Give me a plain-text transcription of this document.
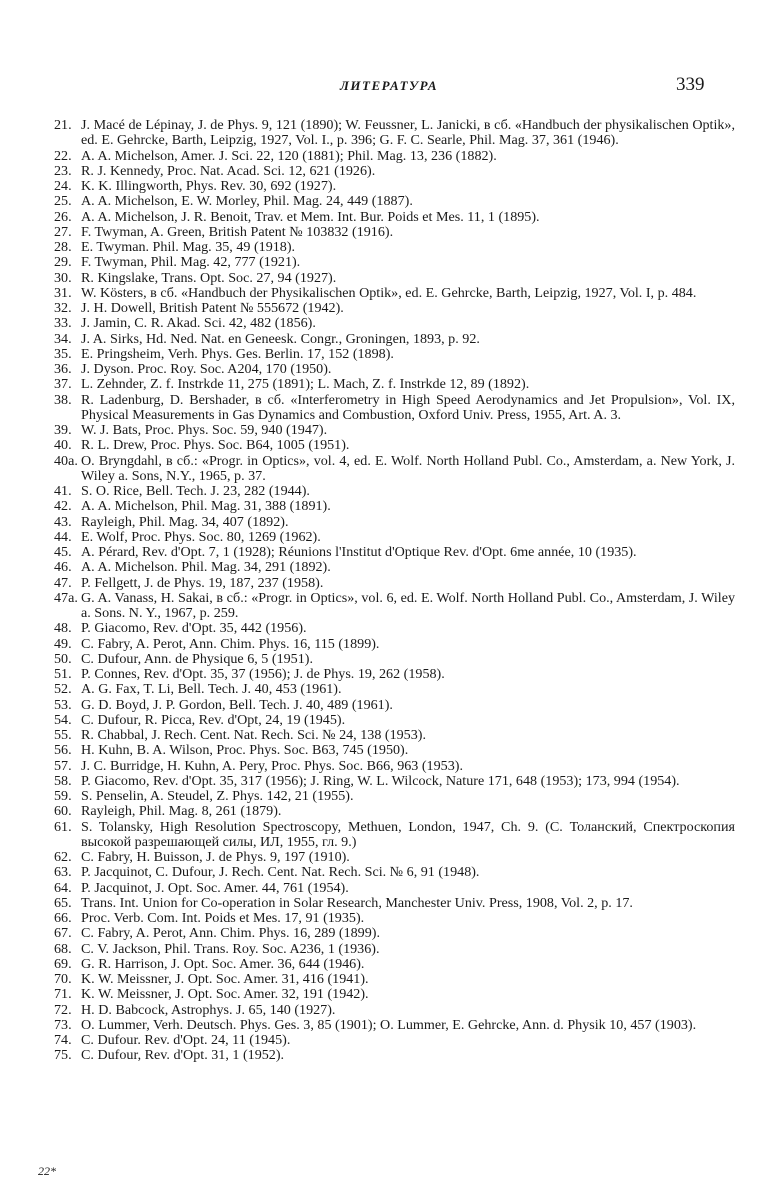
ЛИТЕРАТУРА	339
21. J. Macé de Lépinay, J. de Phys. 9, 121 (1890); W. Feussner, L. Janicki, в сб. «Handbuch der physikalischen Optik», ed. E. Gehrcke, Barth, Leipzig, 1927, Vol. I., p. 396; G. F. C. Searle, Phil. Mag. 37, 361 (1946).
22. A. A. Michelson, Amer. J. Sci. 22, 120 (1881); Phil. Mag. 13, 236 (1882).
23. R. J. Kennedy, Proc. Nat. Acad. Sci. 12, 621 (1926).
24. K. K. Illingworth, Phys. Rev. 30, 692 (1927).
25. A. A. Michelson, E. W. Morley, Phil. Mag. 24, 449 (1887).
26. A. A. Michelson, J. R. Benoit, Trav. et Mem. Int. Bur. Poids et Mes. 11, 1 (1895).
27. F. Twyman, A. Green, British Patent № 103832 (1916).
28. E. Twyman. Phil. Mag. 35, 49 (1918).
29. F. Twyman, Phil. Mag. 42, 777 (1921).
30. R. Kingslake, Trans. Opt. Soc. 27, 94 (1927).
31. W. Kösters, в сб. «Handbuch der Physikalischen Optik», ed. E. Gehrcke, Barth, Leipzig, 1927, Vol. I, p. 484.
32. J. H. Dowell, British Patent № 555672 (1942).
33. J. Jamin, C. R. Akad. Sci. 42, 482 (1856).
34. J. A. Sirks, Hd. Ned. Nat. en Geneesk. Congr., Groningen, 1893, p. 92.
35. E. Pringsheim, Verh. Phys. Ges. Berlin. 17, 152 (1898).
36. J. Dyson. Proc. Roy. Soc. A204, 170 (1950).
37. L. Zehnder, Z. f. Instrkde 11, 275 (1891); L. Mach, Z. f. Instrkde 12, 89 (1892).
38. R. Ladenburg, D. Bershader, в сб. «Interferometry in High Speed Aerodynamics and Jet Propulsion», Vol. IX, Physical Measurements in Gas Dynamics and Combustion, Oxford Univ. Press, 1955, Art. A. 3.
39. W. J. Bats, Proc. Phys. Soc. 59, 940 (1947).
40. R. L. Drew, Proc. Phys. Soc. B64, 1005 (1951).
40a. O. Bryngdahl, в сб.: «Progr. in Optics», vol. 4, ed. E. Wolf. North Holland Publ. Co., Amsterdam, a. New York, J. Wiley a. Sons, N.Y., 1965, p. 37.
41. S. O. Rice, Bell. Tech. J. 23, 282 (1944).
42. A. A. Michelson, Phil. Mag. 31, 388 (1891).
43. Rayleigh, Phil. Mag. 34, 407 (1892).
44. E. Wolf, Proc. Phys. Soc. 80, 1269 (1962).
45. A. Pérard, Rev. d'Opt. 7, 1 (1928); Réunions l'Institut d'Optique Rev. d'Opt. 6me année, 10 (1935).
46. A. A. Michelson. Phil. Mag. 34, 291 (1892).
47. P. Fellgett, J. de Phys. 19, 187, 237 (1958).
47a. G. A. Vanass, H. Sakai, в сб.: «Progr. in Optics», vol. 6, ed. E. Wolf. North Holland Publ. Co., Amsterdam, J. Wiley a. Sons. N. Y., 1967, p. 259.
48. P. Giacomo, Rev. d'Opt. 35, 442 (1956).
49. C. Fabry, A. Perot, Ann. Chim. Phys. 16, 115 (1899).
50. C. Dufour, Ann. de Physique 6, 5 (1951).
51. P. Connes, Rev. d'Opt. 35, 37 (1956); J. de Phys. 19, 262 (1958).
52. A. G. Fax, T. Li, Bell. Tech. J. 40, 453 (1961).
53. G. D. Boyd, J. P. Gordon, Bell. Tech. J. 40, 489 (1961).
54. C. Dufour, R. Picca, Rev. d'Opt, 24, 19 (1945).
55. R. Chabbal, J. Rech. Cent. Nat. Rech. Sci. № 24, 138 (1953).
56. H. Kuhn, B. A. Wilson, Proc. Phys. Soc. B63, 745 (1950).
57. J. C. Burridge, H. Kuhn, A. Pery, Proc. Phys. Soc. B66, 963 (1953).
58. P. Giacomo, Rev. d'Opt. 35, 317 (1956); J. Ring, W. L. Wilcock, Nature 171, 648 (1953); 173, 994 (1954).
59. S. Penselin, A. Steudel, Z. Phys. 142, 21 (1955).
60. Rayleigh, Phil. Mag. 8, 261 (1879).
61. S. Tolansky, High Resolution Spectroscopy, Methuen, London, 1947, Ch. 9. (С. Толанский, Спектроскопия высокой разрешающей силы, ИЛ, 1955, гл. 9.)
62. C. Fabry, H. Buisson, J. de Phys. 9, 197 (1910).
63. P. Jacquinot, C. Dufour, J. Rech. Cent. Nat. Rech. Sci. № 6, 91 (1948).
64. P. Jacquinot, J. Opt. Soc. Amer. 44, 761 (1954).
65. Trans. Int. Union for Co-operation in Solar Research, Manchester Univ. Press, 1908, Vol. 2, p. 17.
66. Proc. Verb. Com. Int. Poids et Mes. 17, 91 (1935).
67. C. Fabry, A. Perot, Ann. Chim. Phys. 16, 289 (1899).
68. C. V. Jackson, Phil. Trans. Roy. Soc. A236, 1 (1936).
69. G. R. Harrison, J. Opt. Soc. Amer. 36, 644 (1946).
70. K. W. Meissner, J. Opt. Soc. Amer. 31, 416 (1941).
71. K. W. Meissner, J. Opt. Soc. Amer. 32, 191 (1942).
72. H. D. Babcock, Astrophys. J. 65, 140 (1927).
73. O. Lummer, Verh. Deutsch. Phys. Ges. 3, 85 (1901); O. Lummer, E. Gehrcke, Ann. d. Physik 10, 457 (1903).
74. C. Dufour. Rev. d'Opt. 24, 11 (1945).
75. C. Dufour, Rev. d'Opt. 31, 1 (1952).
22*
